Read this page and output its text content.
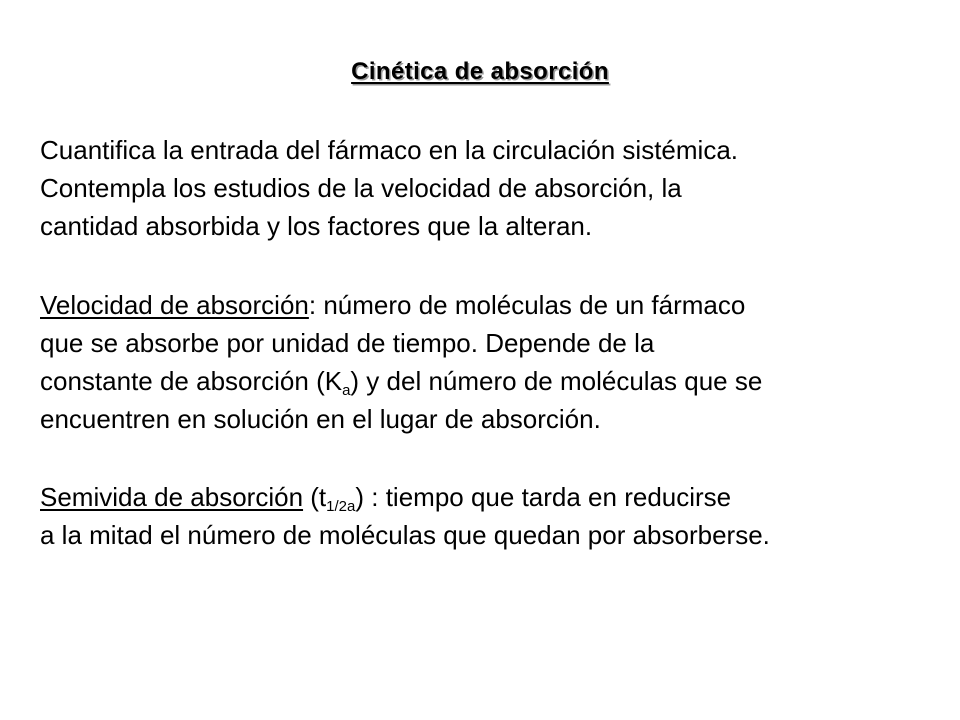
Cinética de absorción
Cuantifica la entrada del fármaco en la circulación sistémica.
Contempla los estudios de la velocidad de absorción, la
cantidad absorbida y los factores que la alteran.
Velocidad de absorción: número de moléculas de un fármaco
que se absorbe por unidad de tiempo. Depende de la
constante de absorción $(K_a)$ y del número de moléculas que se
encuentren en solución en el lugar de absorción.
Semivida de absorción $(t_{1/2a})$ : tiempo que tarda en reducirse
a la mitad el número de moléculas que quedan por absorberse.
